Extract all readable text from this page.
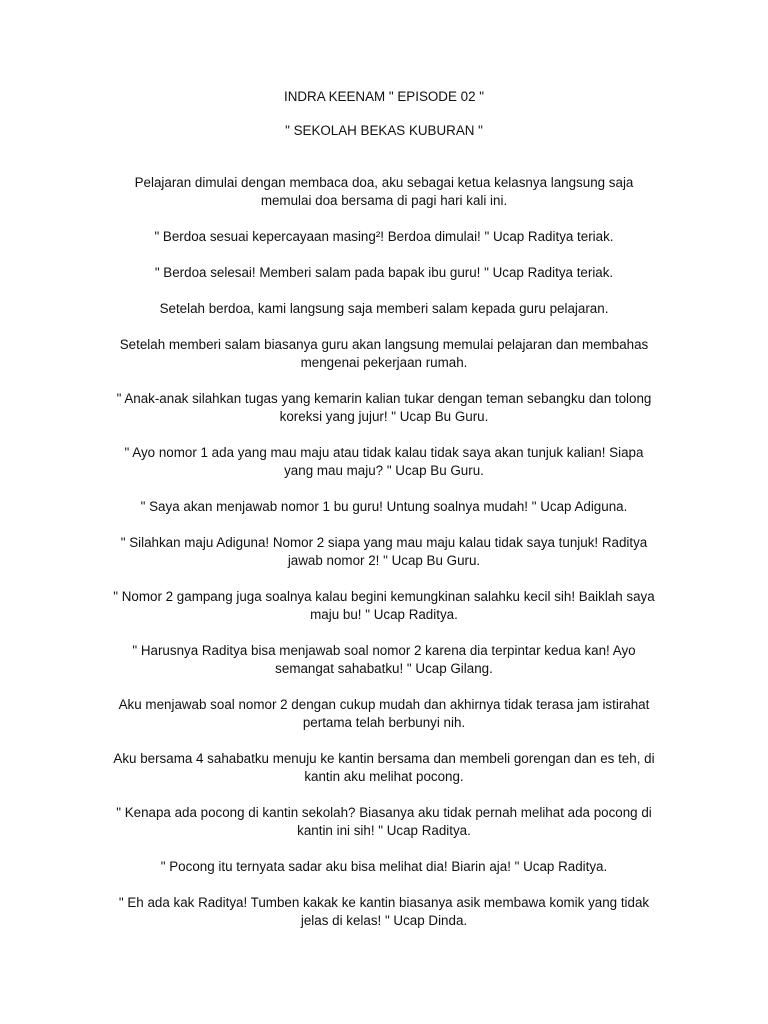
INDRA KEENAM " EPISODE 02 "

" SEKOLAH BEKAS KUBURAN "

Pelajaran dimulai dengan membaca doa, aku sebagai ketua kelasnya langsung saja
memulai doa bersama di pagi hari kali ini.

" Berdoa sesuai kepercayaan masing²! Berdoa dimulai! " Ucap Raditya teriak.

" Berdoa selesai! Memberi salam pada bapak ibu guru! " Ucap Raditya teriak.

Setelah berdoa, kami langsung saja memberi salam kepada guru pelajaran.

Setelah memberi salam biasanya guru akan langsung memulai pelajaran dan membahas
mengenai pekerjaan rumah.

" Anak-anak silahkan tugas yang kemarin kalian tukar dengan teman sebangku dan tolong
koreksi yang jujur! " Ucap Bu Guru.

" Ayo nomor 1 ada yang mau maju atau tidak kalau tidak saya akan tunjuk kalian! Siapa
yang mau maju? " Ucap Bu Guru.

" Saya akan menjawab nomor 1 bu guru! Untung soalnya mudah! " Ucap Adiguna.

" Silahkan maju Adiguna! Nomor 2 siapa yang mau maju kalau tidak saya tunjuk! Raditya
jawab nomor 2! " Ucap Bu Guru.

" Nomor 2 gampang juga soalnya kalau begini kemungkinan salahku kecil sih! Baiklah saya
maju bu! " Ucap Raditya.

" Harusnya Raditya bisa menjawab soal nomor 2 karena dia terpintar kedua kan! Ayo
semangat sahabatku! " Ucap Gilang.

Aku menjawab soal nomor 2 dengan cukup mudah dan akhirnya tidak terasa jam istirahat
pertama telah berbunyi nih.

Aku bersama 4 sahabatku menuju ke kantin bersama dan membeli gorengan dan es teh, di
kantin aku melihat pocong.

" Kenapa ada pocong di kantin sekolah? Biasanya aku tidak pernah melihat ada pocong di
kantin ini sih! " Ucap Raditya.

" Pocong itu ternyata sadar aku bisa melihat dia! Biarin aja! " Ucap Raditya.

" Eh ada kak Raditya! Tumben kakak ke kantin biasanya asik membawa komik yang tidak
jelas di kelas! " Ucap Dinda.
